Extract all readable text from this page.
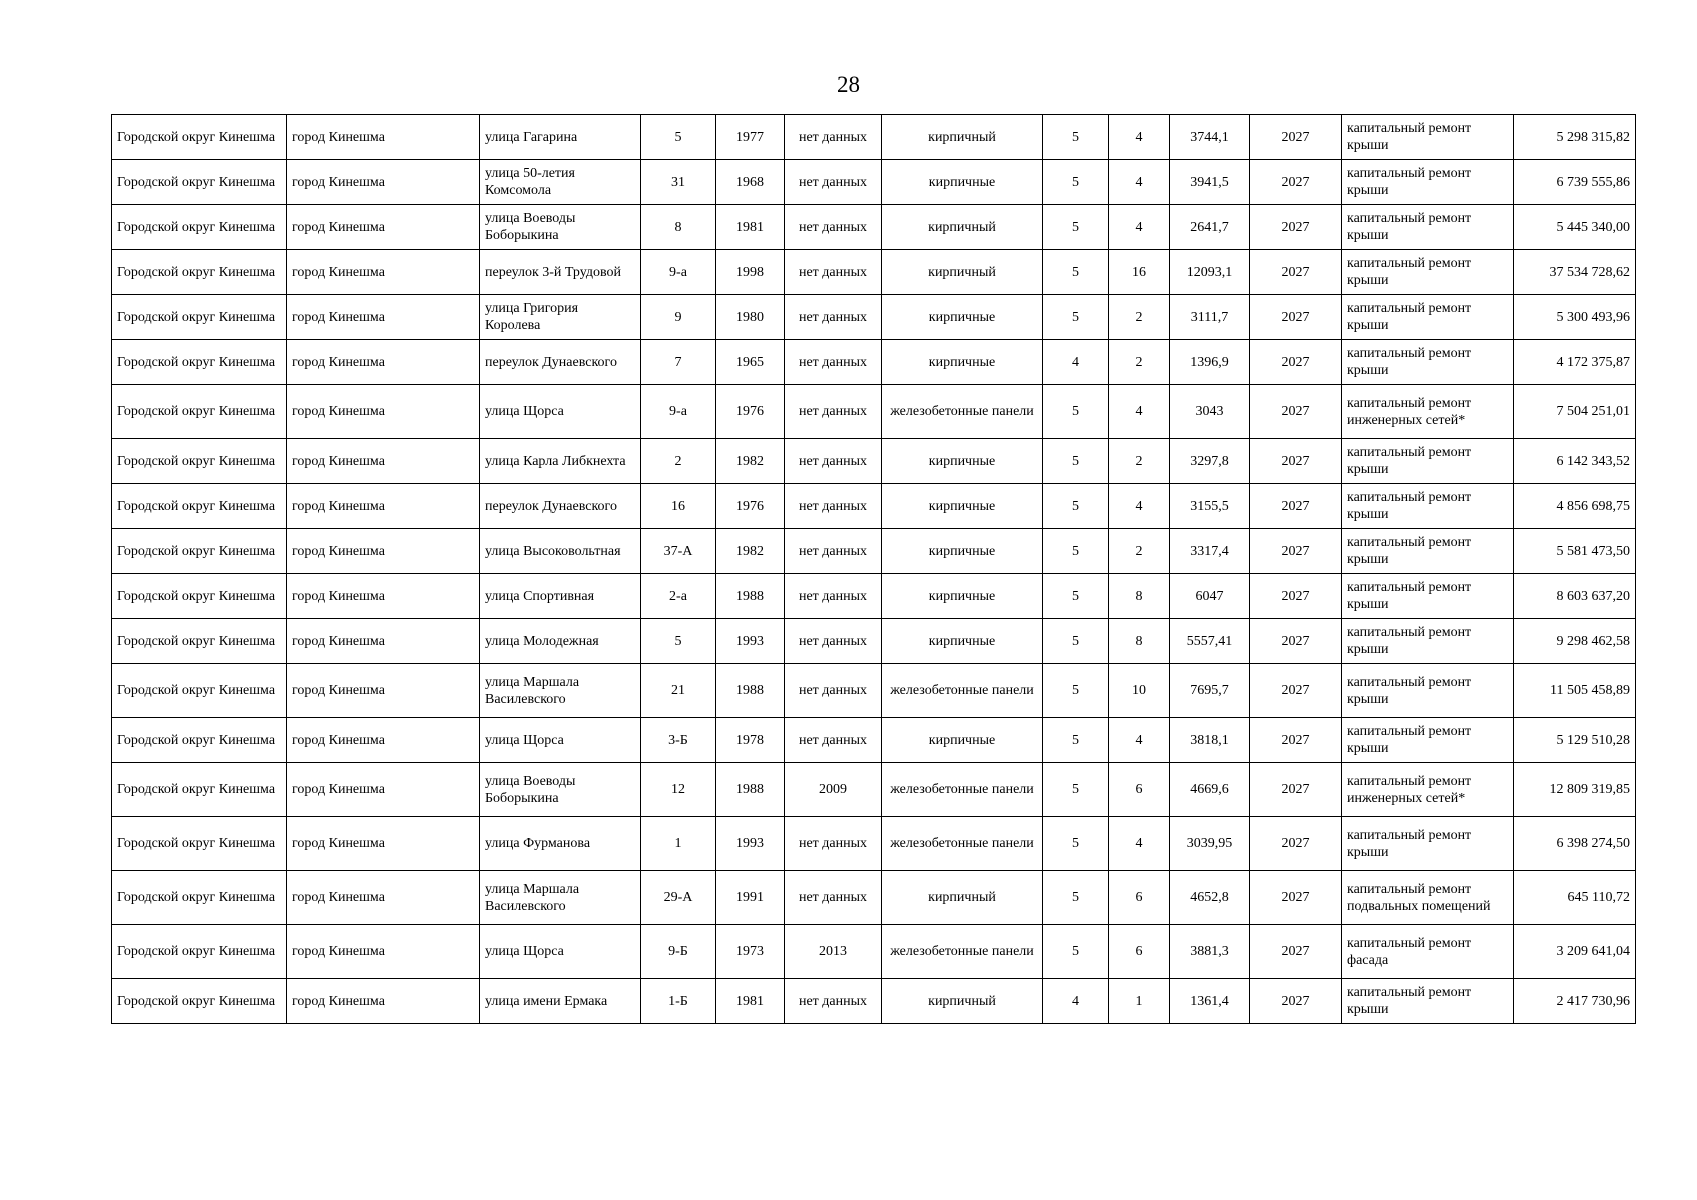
28
Городской округ Кинешма	город Кинешма	улица Гагарина	5	1977	нет данных	кирпичный	5	4	3744,1	2027	капитальный ремонт крыши	5 298 315,82
Городской округ Кинешма	город Кинешма	улица 50-летия Комсомола	31	1968	нет данных	кирпичные	5	4	3941,5	2027	капитальный ремонт крыши	6 739 555,86
Городской округ Кинешма	город Кинешма	улица Воеводы Боборыкина	8	1981	нет данных	кирпичный	5	4	2641,7	2027	капитальный ремонт крыши	5 445 340,00
Городской округ Кинешма	город Кинешма	переулок 3-й Трудовой	9-а	1998	нет данных	кирпичный	5	16	12093,1	2027	капитальный ремонт крыши	37 534 728,62
Городской округ Кинешма	город Кинешма	улица Григория Королева	9	1980	нет данных	кирпичные	5	2	3111,7	2027	капитальный ремонт крыши	5 300 493,96
Городской округ Кинешма	город Кинешма	переулок Дунаевского	7	1965	нет данных	кирпичные	4	2	1396,9	2027	капитальный ремонт крыши	4 172 375,87
Городской округ Кинешма	город Кинешма	улица Щорса	9-а	1976	нет данных	железобетонные панели	5	4	3043	2027	капитальный ремонт инженерных сетей*	7 504 251,01
Городской округ Кинешма	город Кинешма	улица Карла Либкнехта	2	1982	нет данных	кирпичные	5	2	3297,8	2027	капитальный ремонт крыши	6 142 343,52
Городской округ Кинешма	город Кинешма	переулок Дунаевского	16	1976	нет данных	кирпичные	5	4	3155,5	2027	капитальный ремонт крыши	4 856 698,75
Городской округ Кинешма	город Кинешма	улица Высоковольтная	37-А	1982	нет данных	кирпичные	5	2	3317,4	2027	капитальный ремонт крыши	5 581 473,50
Городской округ Кинешма	город Кинешма	улица Спортивная	2-а	1988	нет данных	кирпичные	5	8	6047	2027	капитальный ремонт крыши	8 603 637,20
Городской округ Кинешма	город Кинешма	улица Молодежная	5	1993	нет данных	кирпичные	5	8	5557,41	2027	капитальный ремонт крыши	9 298 462,58
Городской округ Кинешма	город Кинешма	улица Маршала Василевского	21	1988	нет данных	железобетонные панели	5	10	7695,7	2027	капитальный ремонт крыши	11 505 458,89
Городской округ Кинешма	город Кинешма	улица Щорса	3-Б	1978	нет данных	кирпичные	5	4	3818,1	2027	капитальный ремонт крыши	5 129 510,28
Городской округ Кинешма	город Кинешма	улица Воеводы Боборыкина	12	1988	2009	железобетонные панели	5	6	4669,6	2027	капитальный ремонт инженерных сетей*	12 809 319,85
Городской округ Кинешма	город Кинешма	улица Фурманова	1	1993	нет данных	железобетонные панели	5	4	3039,95	2027	капитальный ремонт крыши	6 398 274,50
Городской округ Кинешма	город Кинешма	улица Маршала Василевского	29-А	1991	нет данных	кирпичный	5	6	4652,8	2027	капитальный ремонт подвальных помещений	645 110,72
Городской округ Кинешма	город Кинешма	улица Щорса	9-Б	1973	2013	железобетонные панели	5	6	3881,3	2027	капитальный ремонт фасада	3 209 641,04
Городской округ Кинешма	город Кинешма	улица имени Ермака	1-Б	1981	нет данных	кирпичный	4	1	1361,4	2027	капитальный ремонт крыши	2 417 730,96
